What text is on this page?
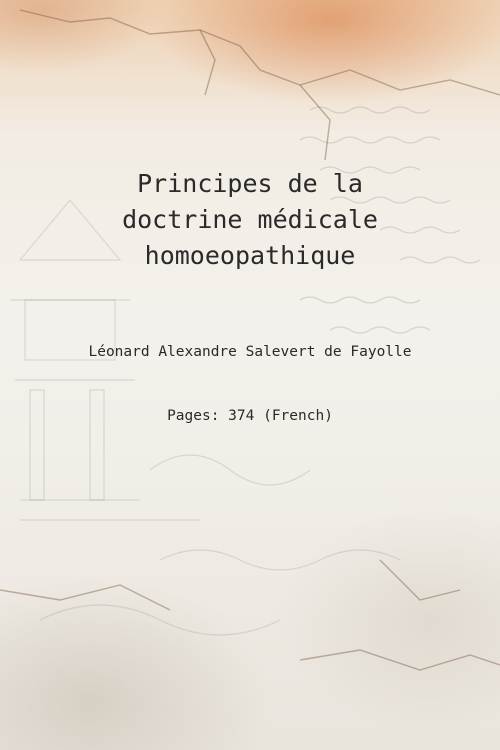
Principes de la
doctrine médicale
homoeopathique
Léonard Alexandre Salevert de Fayolle
Pages: 374 (French)
